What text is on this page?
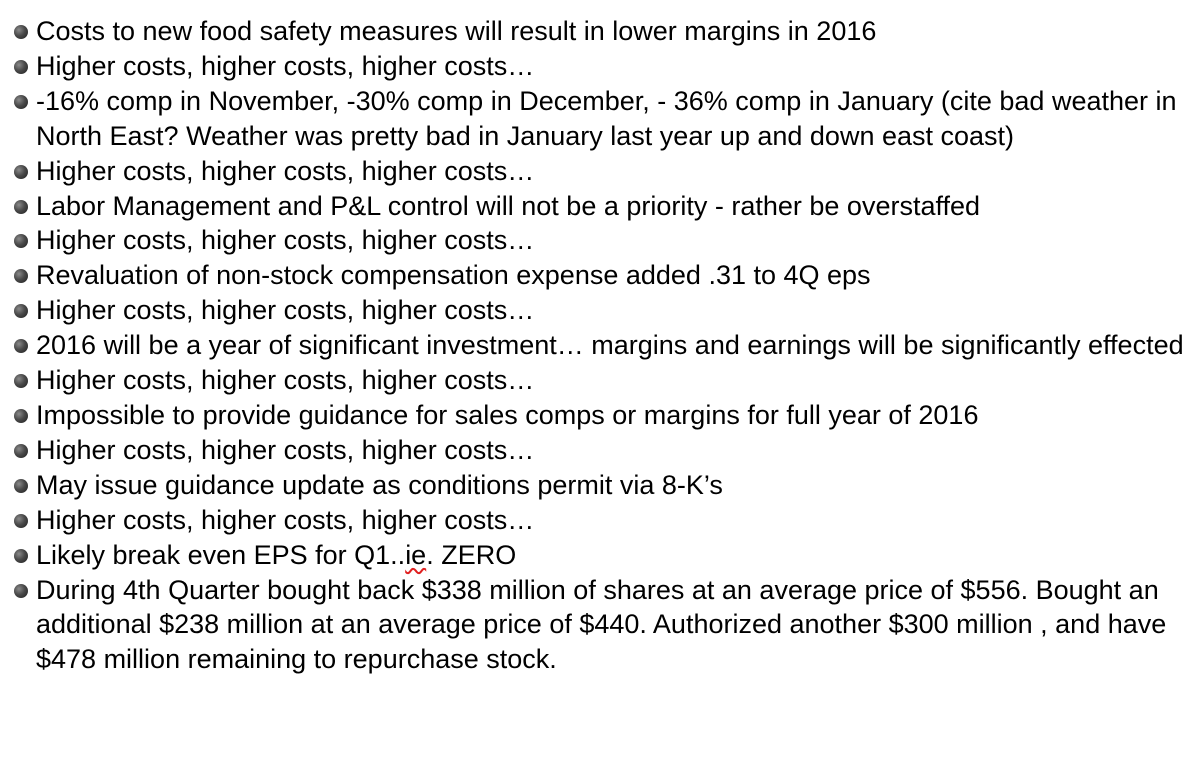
Costs to new food safety measures will result in lower margins in 2016
Higher costs, higher costs, higher costs…
-16% comp in November, -30% comp in December, - 36% comp in January (cite bad weather in North East? Weather was pretty bad in January last year up and down east coast)
Higher costs, higher costs, higher costs…
Labor Management and P&L control will not be a priority - rather be overstaffed
Higher costs, higher costs, higher costs…
Revaluation of non-stock compensation expense added .31 to 4Q eps
Higher costs, higher costs, higher costs…
2016 will be a year of significant investment… margins and earnings will be significantly effected
Higher costs, higher costs, higher costs…
Impossible to provide guidance for sales comps or margins for full year of 2016
Higher costs, higher costs, higher costs…
May issue guidance update as conditions permit via 8-K’s
Higher costs, higher costs, higher costs…
Likely break even EPS for Q1..ie. ZERO
During 4th Quarter bought back $338 million of shares at an average price of $556. Bought an additional $238 million at an average price of $440. Authorized another $300 million , and have $478 million remaining to repurchase stock.
